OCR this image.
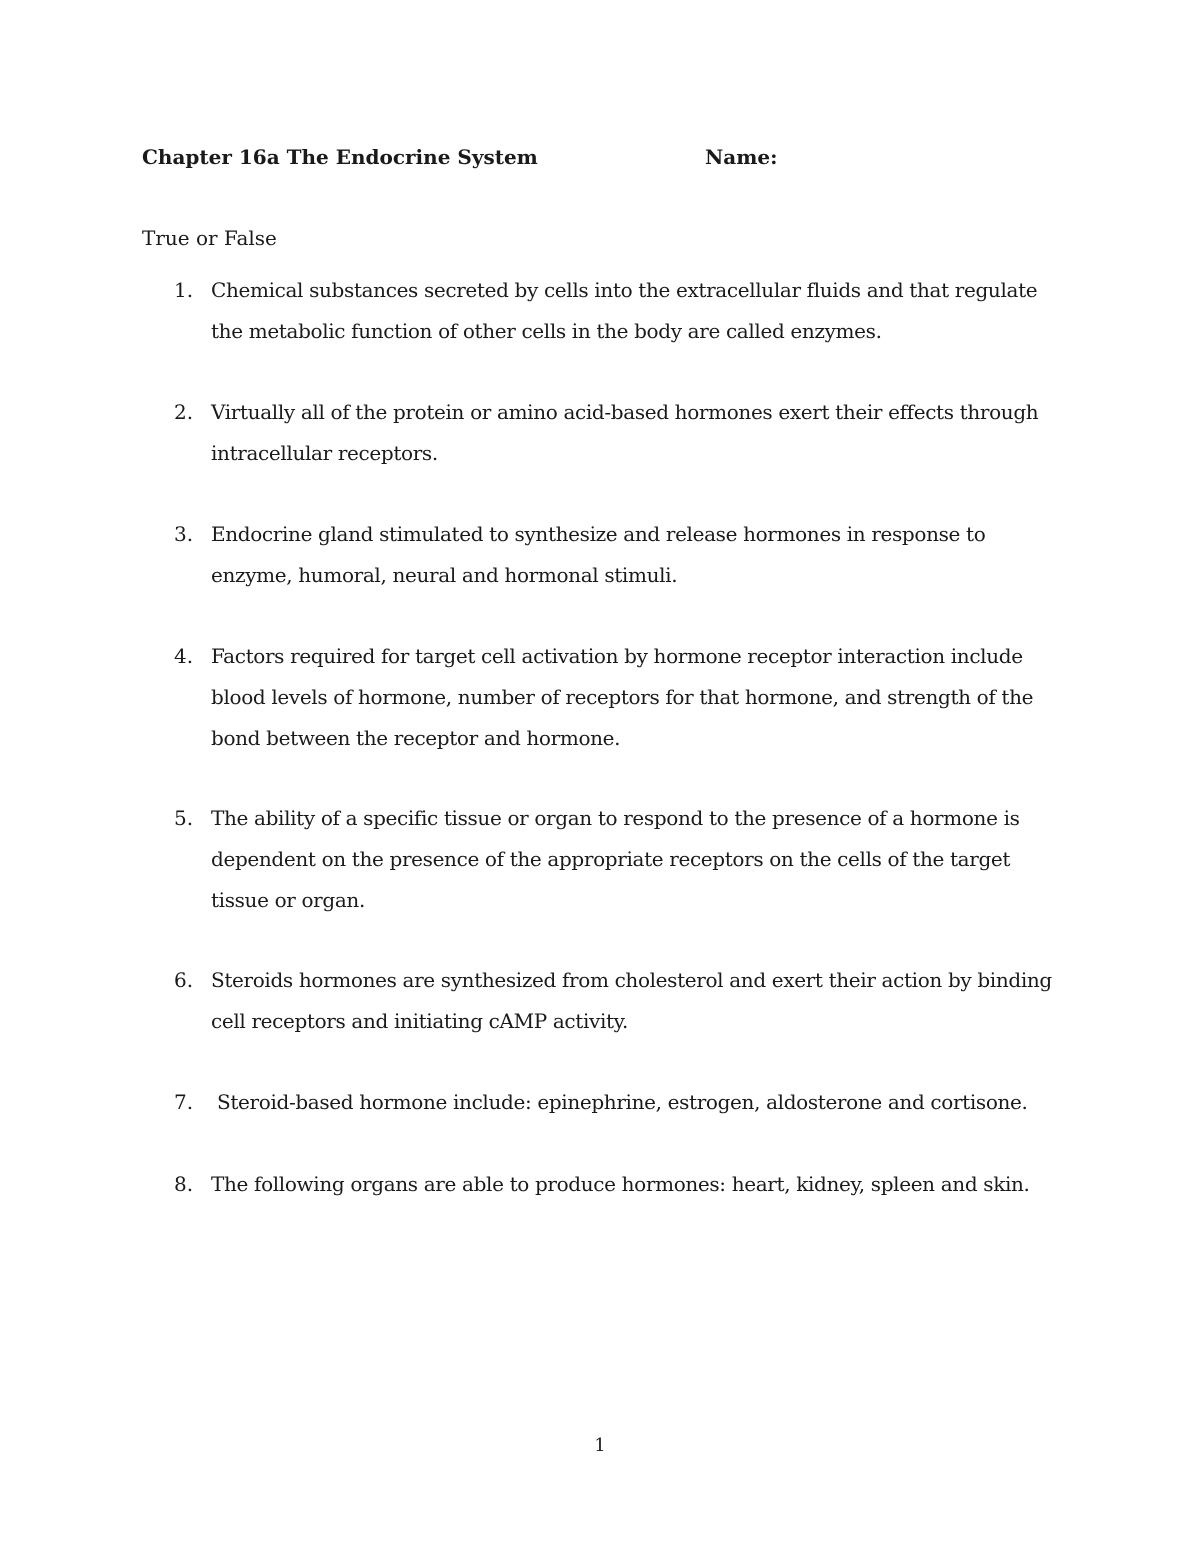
Chapter 16a The Endocrine System	Name:
True or False
1. Chemical substances secreted by cells into the extracellular fluids and that regulate the metabolic function of other cells in the body are called enzymes.
2. Virtually all of the protein or amino acid-based hormones exert their effects through intracellular receptors.
3. Endocrine gland stimulated to synthesize and release hormones in response to enzyme, humoral, neural and hormonal stimuli.
4. Factors required for target cell activation by hormone receptor interaction include blood levels of hormone, number of receptors for that hormone, and strength of the bond between the receptor and hormone.
5. The ability of a specific tissue or organ to respond to the presence of a hormone is dependent on the presence of the appropriate receptors on the cells of the target tissue or organ.
6. Steroids hormones are synthesized from cholesterol and exert their action by binding cell receptors and initiating cAMP activity.
7. Steroid-based hormone include: epinephrine, estrogen, aldosterone and cortisone.
8. The following organs are able to produce hormones: heart, kidney, spleen and skin.
1
